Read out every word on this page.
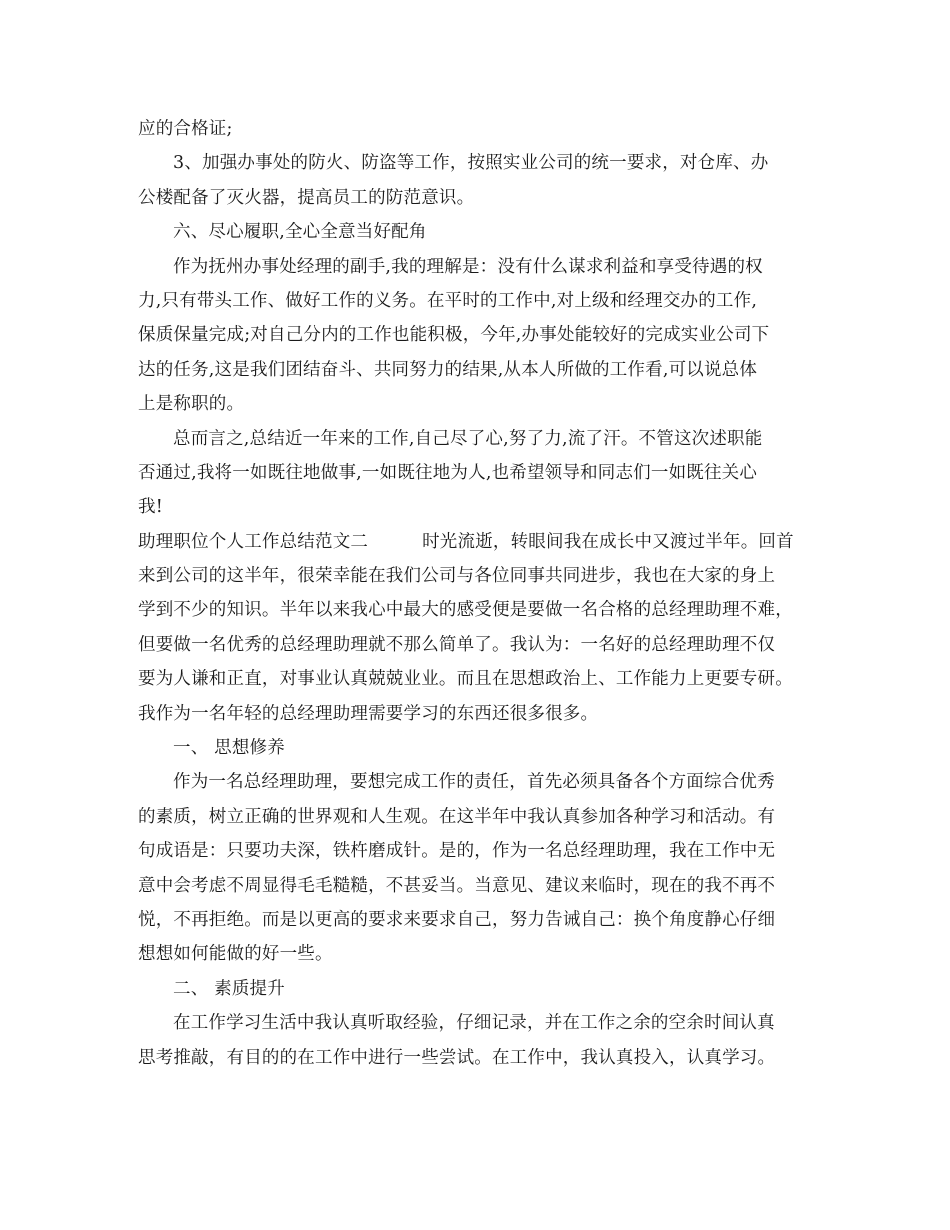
应的合格证;
3、加强办事处的防火、防盗等工作，按照实业公司的统一要求，对仓库、办
公楼配备了灭火器，提高员工的防范意识。
六、尽心履职,全心全意当好配角
作为抚州办事处经理的副手,我的理解是：没有什么谋求利益和享受待遇的权
力,只有带头工作、做好工作的义务。在平时的工作中,对上级和经理交办的工作,
保质保量完成;对自己分内的工作也能积极，今年,办事处能较好的完成实业公司下
达的任务,这是我们团结奋斗、共同努力的结果,从本人所做的工作看,可以说总体
上是称职的。
总而言之,总结近一年来的工作,自己尽了心,努了力,流了汗。不管这次述职能
否通过,我将一如既往地做事,一如既往地为人,也希望领导和同志们一如既往关心
我!
助理职位个人工作总结范文二	时光流逝，转眼间我在成长中又渡过半年。回首
来到公司的这半年，很荣幸能在我们公司与各位同事共同进步，我也在大家的身上
学到不少的知识。半年以来我心中最大的感受便是要做一名合格的总经理助理不难，
但要做一名优秀的总经理助理就不那么简单了。我认为：一名好的总经理助理不仅
要为人谦和正直，对事业认真兢兢业业。而且在思想政治上、工作能力上更要专研。
我作为一名年轻的总经理助理需要学习的东西还很多很多。
一、 思想修养
作为一名总经理助理，要想完成工作的责任，首先必须具备各个方面综合优秀
的素质，树立正确的世界观和人生观。在这半年中我认真参加各种学习和活动。有
句成语是：只要功夫深，铁杵磨成针。是的，作为一名总经理助理，我在工作中无
意中会考虑不周显得毛毛糙糙，不甚妥当。当意见、建议来临时，现在的我不再不
悦，不再拒绝。而是以更高的要求来要求自己，努力告诫自己：换个角度静心仔细
想想如何能做的好一些。
二、 素质提升
在工作学习生活中我认真听取经验，仔细记录，并在工作之余的空余时间认真
思考推敲，有目的的在工作中进行一些尝试。在工作中，我认真投入，认真学习。
